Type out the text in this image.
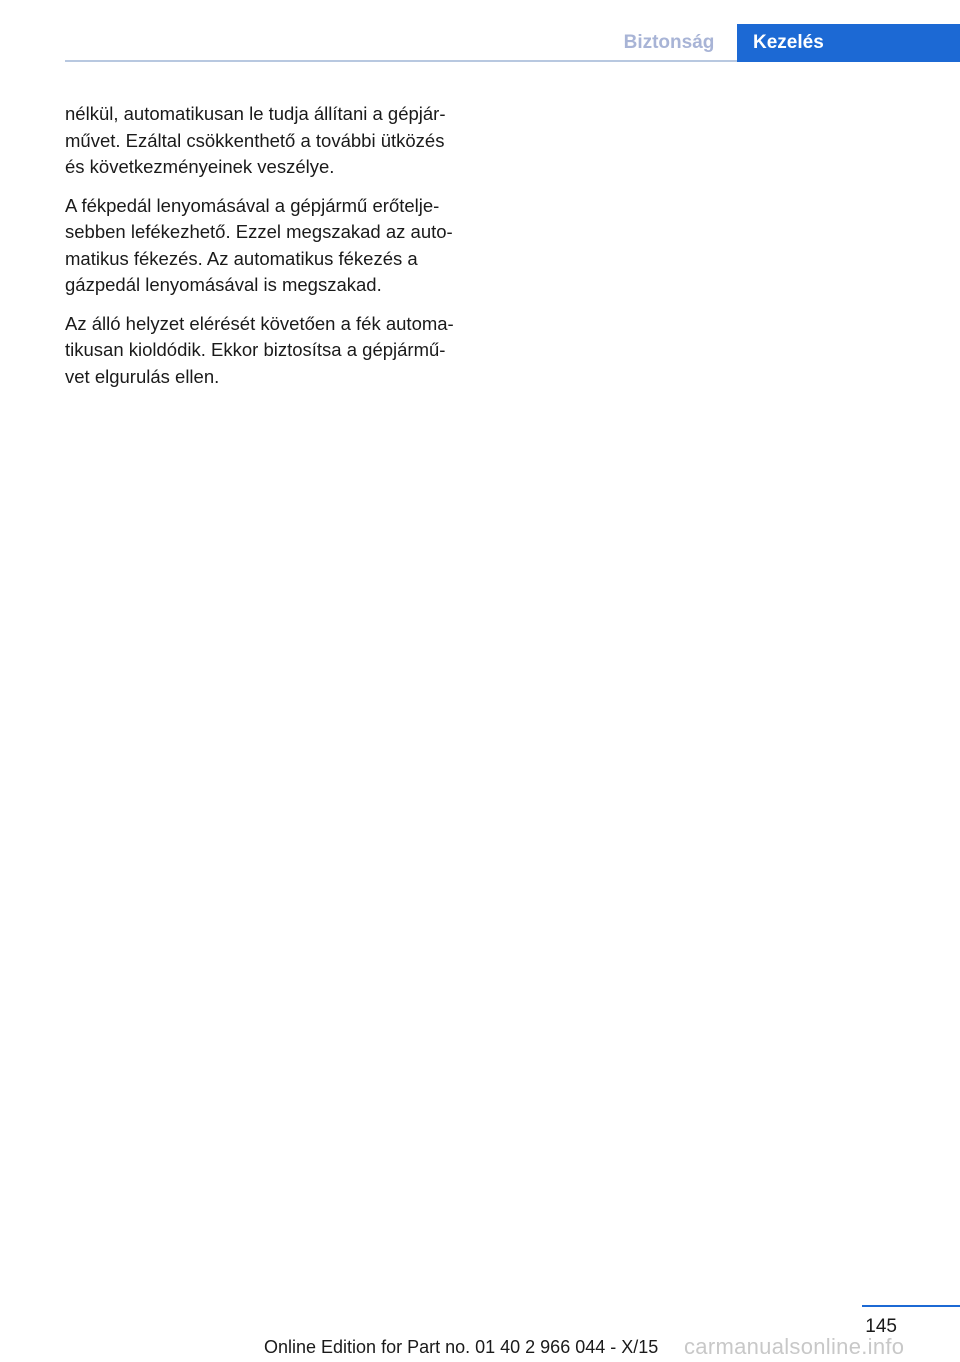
Biztonság	Kezelés

nélkül, automatikusan le tudja állítani a gépjár‐
művet. Ezáltal csökkenthető a további ütközés
és következményeinek veszélye.

A fékpedál lenyomásával a gépjármű erőtelje‐
sebben lefékezhető. Ezzel megszakad az auto‐
matikus fékezés. Az automatikus fékezés a
gázpedál lenyomásával is megszakad.

Az álló helyzet elérését követően a fék automa‐
tikusan kioldódik. Ekkor biztosítsa a gépjármű‐
vet elgurulás ellen.

145
Online Edition for Part no. 01 40 2 966 044 - X/15 carmanualsonline.info
